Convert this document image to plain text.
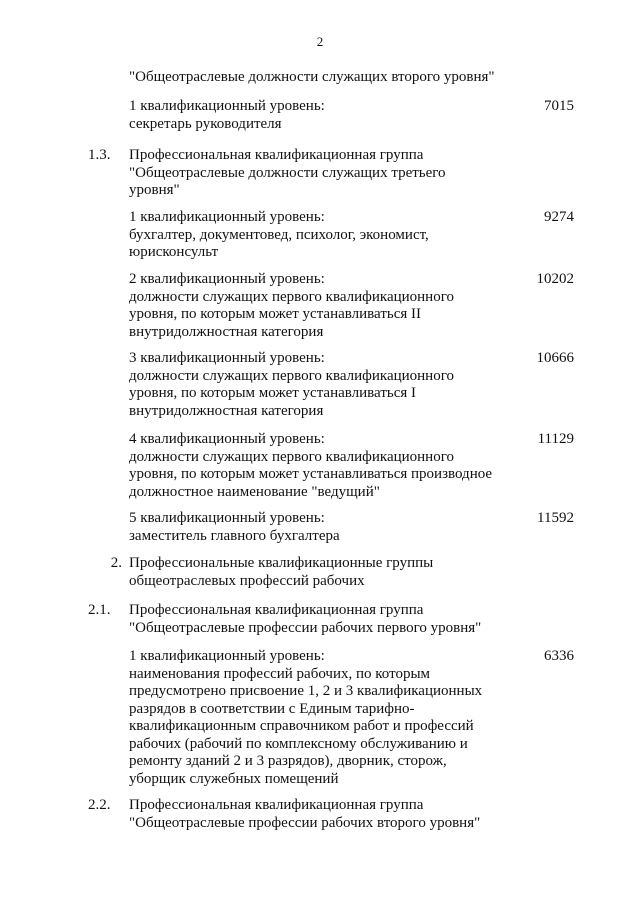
2
"Общеотраслевые должности служащих второго уровня"
1 квалификационный уровень:
секретарь руководителя
7015
1.3.	Профессиональная квалификационная группа
"Общеотраслевые должности служащих третьего
уровня"
1 квалификационный уровень:
бухгалтер, документовед, психолог, экономист,
юрисконсульт
9274
2 квалификационный уровень:
должности служащих первого квалификационного
уровня, по которым может устанавливаться II
внутридолжностная категория
10202
3 квалификационный уровень:
должности служащих первого квалификационного
уровня, по которым может устанавливаться I
внутридолжностная категория
10666
4 квалификационный уровень:
должности служащих первого квалификационного
уровня, по которым может устанавливаться производное
должностное наименование "ведущий"
11129
5 квалификационный уровень:
заместитель главного бухгалтера
11592
2. Профессиональные квалификационные группы
общеотраслевых профессий рабочих
2.1.	Профессиональная квалификационная группа
"Общеотраслевые профессии рабочих первого уровня"
1 квалификационный уровень:
наименования профессий рабочих, по которым
предусмотрено присвоение 1, 2 и 3 квалификационных
разрядов в соответствии с Единым тарифно-
квалификационным справочником работ и профессий
рабочих (рабочий по комплексному обслуживанию и
ремонту зданий 2 и 3 разрядов), дворник, сторож,
уборщик служебных помещений
6336
2.2.	Профессиональная квалификационная группа
"Общеотраслевые профессии рабочих второго уровня"
